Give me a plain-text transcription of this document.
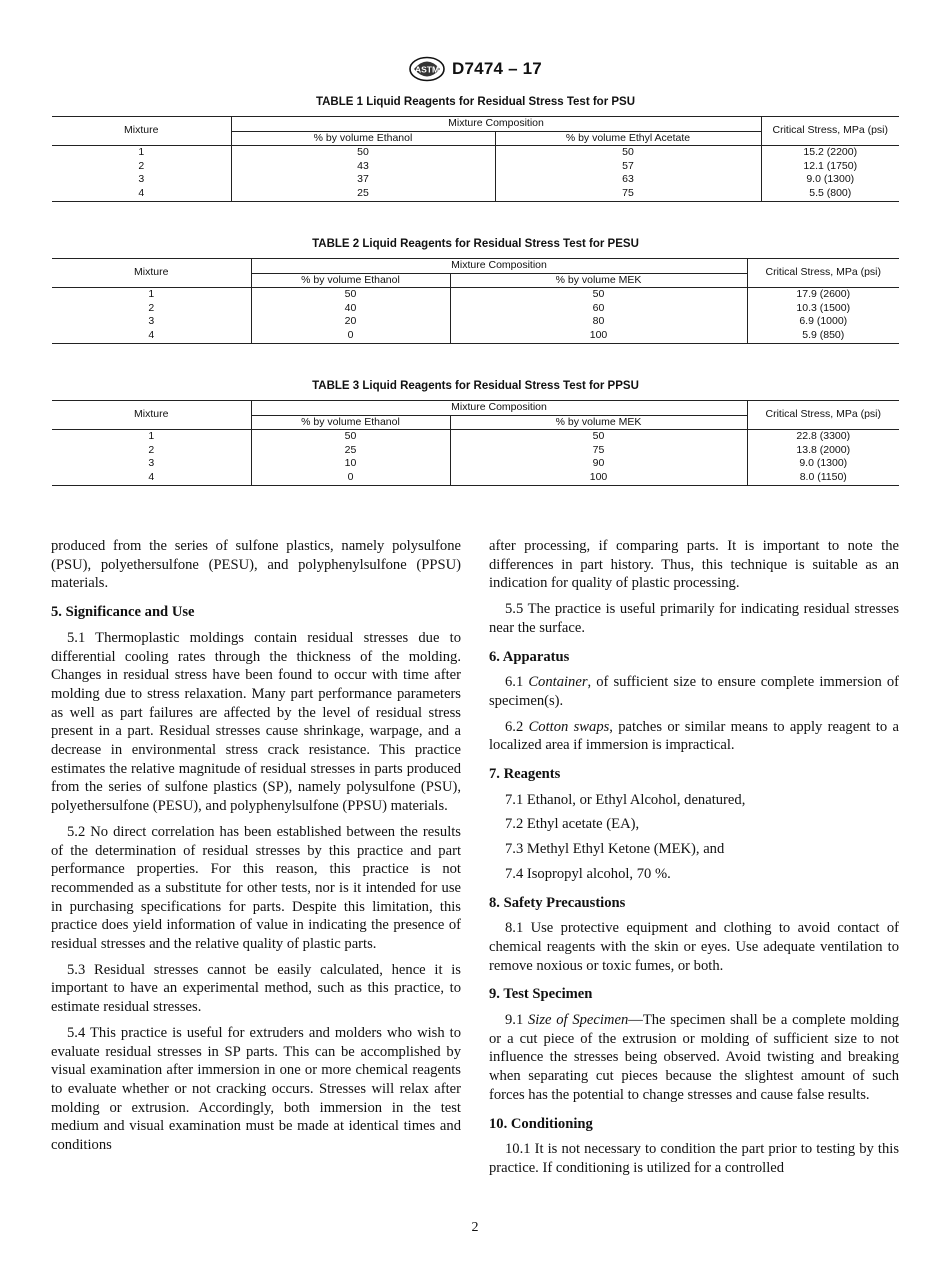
ASTM D7474 – 17
TABLE 1 Liquid Reagents for Residual Stress Test for PSU
Mixture	Mixture Composition		Critical Stress, MPa (psi)
	% by volume Ethanol	% by volume Ethyl Acetate	
1	50	50	15.2 (2200)
2	43	57	12.1 (1750)
3	37	63	9.0 (1300)
4	25	75	5.5 (800)
TABLE 2 Liquid Reagents for Residual Stress Test for PESU
Mixture	Mixture Composition		Critical Stress, MPa (psi)
	% by volume Ethanol	% by volume MEK	
1	50	50	17.9 (2600)
2	40	60	10.3 (1500)
3	20	80	6.9 (1000)
4	0	100	5.9 (850)
TABLE 3 Liquid Reagents for Residual Stress Test for PPSU
Mixture	Mixture Composition		Critical Stress, MPa (psi)
	% by volume Ethanol	% by volume MEK	
1	50	50	22.8 (3300)
2	25	75	13.8 (2000)
3	10	90	9.0 (1300)
4	0	100	8.0 (1150)

produced from the series of sulfone plastics, namely polysulfone (PSU), polyethersulfone (PESU), and polyphenylsulfone (PPSU) materials.

5. Significance and Use

5.1 Thermoplastic moldings contain residual stresses due to differential cooling rates through the thickness of the molding. Changes in residual stress have been found to occur with time after molding due to stress relaxation. Many part performance parameters as well as part failures are affected by the level of residual stress present in a part. Residual stresses cause shrinkage, warpage, and a decrease in environmental stress crack resistance. This practice estimates the relative magnitude of residual stresses in parts produced from the series of sulfone plastics (SP), namely polysulfone (PSU), polyethersulfone (PESU), and polyphenylsulfone (PPSU) materials.

5.2 No direct correlation has been established between the results of the determination of residual stresses by this practice and part performance properties. For this reason, this practice is not recommended as a substitute for other tests, nor is it intended for use in purchasing specifications for parts. Despite this limitation, this practice does yield information of value in indicating the presence of residual stresses and the relative quality of plastic parts.

5.3 Residual stresses cannot be easily calculated, hence it is important to have an experimental method, such as this practice, to estimate residual stresses.

5.4 This practice is useful for extruders and molders who wish to evaluate residual stresses in SP parts. This can be accomplished by visual examination after immersion in one or more chemical reagents to evaluate whether or not cracking occurs. Stresses will relax after molding or extrusion. Accordingly, both immersion in the test medium and visual examination must be made at identical times and conditions

after processing, if comparing parts. It is important to note the differences in part history. Thus, this technique is suitable as an indication for quality of plastic processing.

5.5 The practice is useful primarily for indicating residual stresses near the surface.

6. Apparatus

6.1 Container, of sufficient size to ensure complete immersion of specimen(s).

6.2 Cotton swaps, patches or similar means to apply reagent to a localized area if immersion is impractical.

7. Reagents

7.1 Ethanol, or Ethyl Alcohol, denatured,

7.2 Ethyl acetate (EA),

7.3 Methyl Ethyl Ketone (MEK), and

7.4 Isopropyl alcohol, 70 %.

8. Safety Precaustions

8.1 Use protective equipment and clothing to avoid contact of chemical reagents with the skin or eyes. Use adequate ventilation to remove noxious or toxic fumes, or both.

9. Test Specimen

9.1 Size of Specimen—The specimen shall be a complete molding or a cut piece of the extrusion or molding of sufficient size to not influence the stresses being observed. Avoid twisting and breaking when separating cut pieces because the slightest amount of such forces has the potential to change stresses and cause false results.

10. Conditioning

10.1 It is not necessary to condition the part prior to testing by this practice. If conditioning is utilized for a controlled

2
